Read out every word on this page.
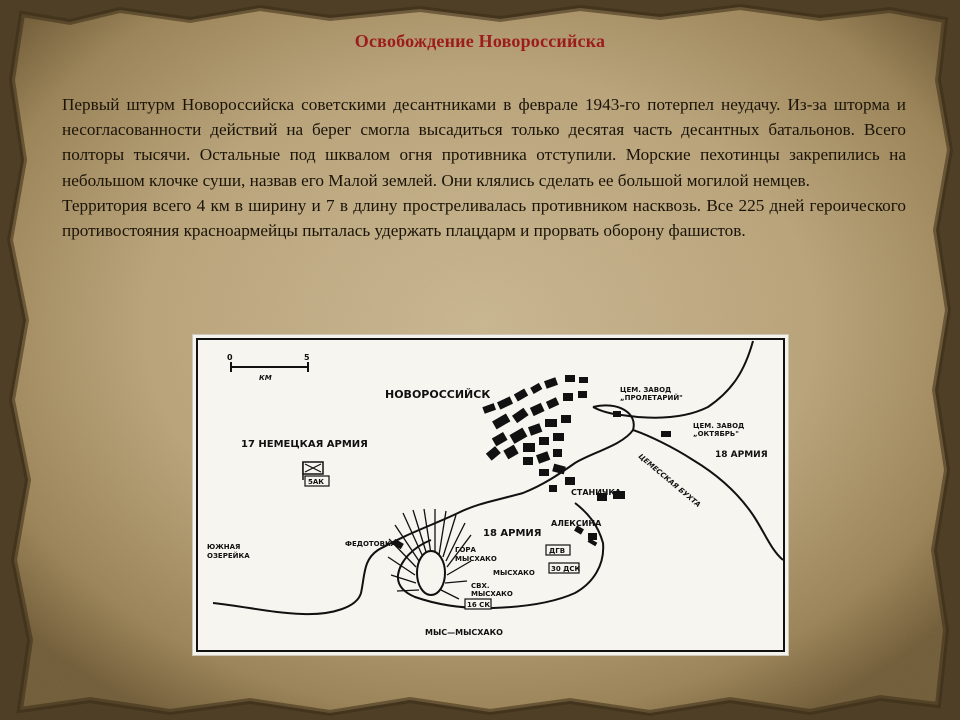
Освобождение Новороссийска

Первый штурм Новороссийска советскими десантниками в феврале 1943-го потерпел неудачу. Из-за шторма и несогласованности действий на берег смогла высадиться только десятая часть десантных батальонов. Всего полторы тысячи. Остальные под шквалом огня противника отступили. Морские пехотинцы закрепились на небольшом клочке суши, назвав его Малой землей. Они клялись сделать ее большой могилой немцев.

Территория всего 4 км в ширину и 7 в длину простреливалась противником насквозь. Все 225 дней героического противостояния красноармейцы пыталась удержать плацдарм и прорвать оборону фашистов.

0	5
КМ
НОВОРОССИЙСК	ЦЕМ. ЗАВОД
„ПРОЛЕТАРИЙ"
ЦЕМ. ЗАВОД
„ОКТЯБРЬ"
17 НЕМЕЦКАЯ АРМИЯ
18 АРМИЯ
18 АРМИЯ
ЦЕМЕССКАЯ БУХТА
СТАНИЧКА
АЛЕКСИНА
ФЕДОТОВКА
ЮЖНАЯ
ОЗЕРЕЙКА
ГОРА
МЫСХАКО
МЫСХАКО
СВХ.
МЫСХАКО
МЫС—МЫСХАКО
5АК
ДГВ
30 ДСК
16 СК
